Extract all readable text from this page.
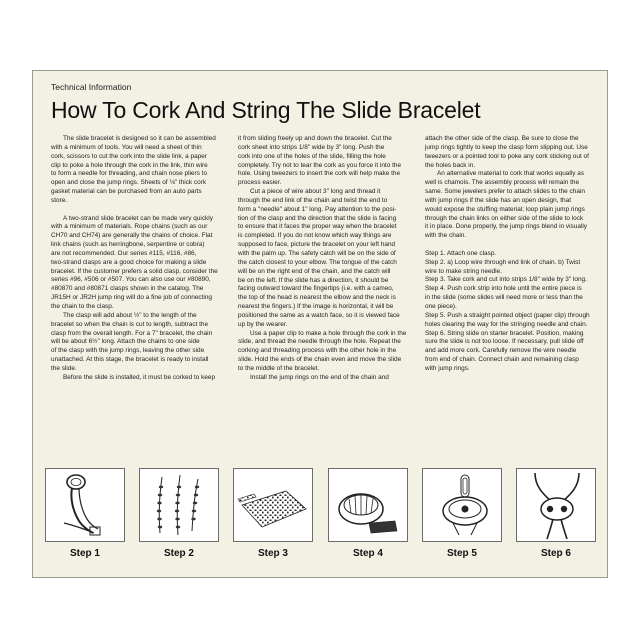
Technical Information
How To Cork And String The Slide Bracelet

The slide bracelet is designed so it can be assembled
with a minimum of tools. You will need a sheet of thin
cork, scissors to cut the cork into the slide link, a paper
clip to poke a hole through the cork in the link, thin wire
to form a needle for threading, and chain nose pliers to
open and close the jump rings. Sheets of ⅛" thick cork
gasket material can be purchased from an auto parts
store.

A two-strand slide bracelet can be made very quickly
with a minimum of materials. Rope chains (such as our
CH70 and CH74) are generally the chains of choice. Flat
link chains (such as herringbone, serpentine or cobra)
are not recommended. Our series #115, #116, #86,
two-strand clasps are a good choice for making a slide
bracelet. If the customer prefers a solid clasp, consider the
series #96, #506 or #507. You can also use our #80890,
#80870 and #80871 clasps shown in the catalog. The
JR15H or JR2H jump ring will do a fine job of connecting
the chain to the clasp.

The clasp will add about ½" to the length of the
bracelet so when the chain is cut to length, subtract the
clasp from the overall length. For a 7" bracelet, the chain
will be about 6½" long. Attach the chains to one side
of the clasp with the jump rings, leaving the other side
unattached. At this stage, the bracelet is ready to install
the slide.

Before the slide is installed, it must be corked to keep

it from sliding freely up and down the bracelet. Cut the
cork sheet into strips 1/8" wide by 3" long. Push the
cork into one of the holes of the slide, filling the hole
completely. Try not to tear the cork as you force it into the
hole. Using tweezers to insert the cork will help make the
process easier.

Cut a piece of wire about 3" long and thread it
through the end link of the chain and twist the end to
form a "needle" about 1" long. Pay attention to the posi-
tion of the clasp and the direction that the slide is facing
to ensure that it faces the proper way when the bracelet
is completed. If you do not know which way things are
supposed to face, picture the bracelet on your left hand
with the palm up. The safety catch will be on the side of
the catch closest to your elbow. The tongue of the catch
will be on the right end of the chain, and the catch will
be on the left. If the slide has a direction, it should be
facing outward toward the fingertips (i.e. with a cameo,
the top of the head is nearest the elbow and the neck is
nearest the fingers.) If the image is horizontal, it will be
positioned the same as a watch face, so it is viewed face
up by the wearer.

Use a paper clip to make a hole through the cork in the
slide, and thread the needle through the hole. Repeat the
corking and threading process with the other hole in the
slide. Hold the ends of the chain even and move the slide
to the middle of the bracelet.

Install the jump rings on the end of the chain and

attach the other side of the clasp. Be sure to close the
jump rings tightly to keep the clasp form slipping out. Use
tweezers or a pointed tool to poke any cork sticking out of
the holes back in.

An alternative material to cork that works equally as
well is chamois. The assembly process will remain the
same. Some jewelers prefer to attach slides to the chain
with jump rings if the slide has an open design, that
would expose the stuffing material; loop plain jump rings
through the chain links on either side of the slide to lock
it in place. Done properly, the jump rings blend in visually
with the chain.

Step 1. Attach one clasp.
Step 2. a) Loop wire through end link of chain. b) Twist
wire to make string needle.
Step 3. Take cork and cut into strips 1/8" wide by 3" long.
Step 4. Push cork strip into hole until the entire piece is
in the slide (some slides will need more or less than the
one piece).
Step 5. Push a straight pointed object (paper clip) through
holes clearing the way for the stringing needle and chain.
Step 6. String slide on starter bracelet. Position, making
sure the slide is not too loose. If necessary, pull slide off
and add more cork. Carefully remove the wire needle
from end of chain. Connect chain and remaining clasp
with jump rings.

Step 1	Step 2	Step 3	Step 4	Step 5	Step 6
